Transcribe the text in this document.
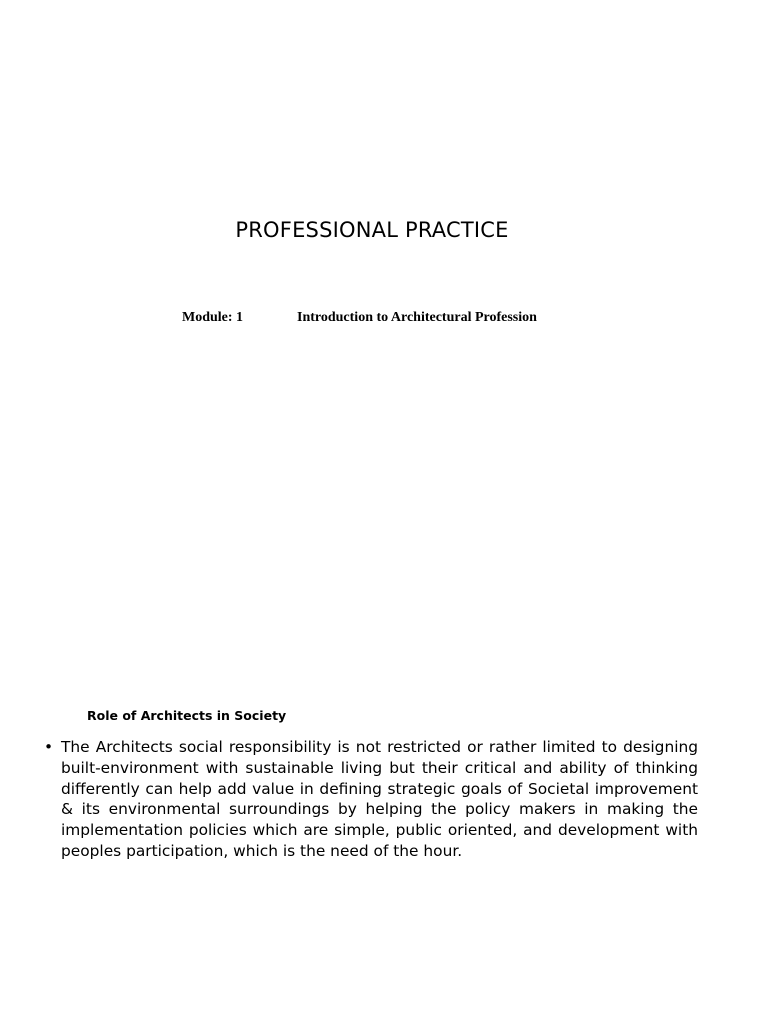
PROFESSIONAL PRACTICE
Module: 1	Introduction to Architectural Profession
Role of Architects in Society
• The Architects social responsibility is not restricted or rather limited to designing built-environment with sustainable living but their critical and ability of thinking differently can help add value in defining strategic goals of Societal improvement & its environmental surroundings by helping the policy makers in making the implementation policies which are simple, public oriented, and development with peoples participation, which is the need of the hour.
